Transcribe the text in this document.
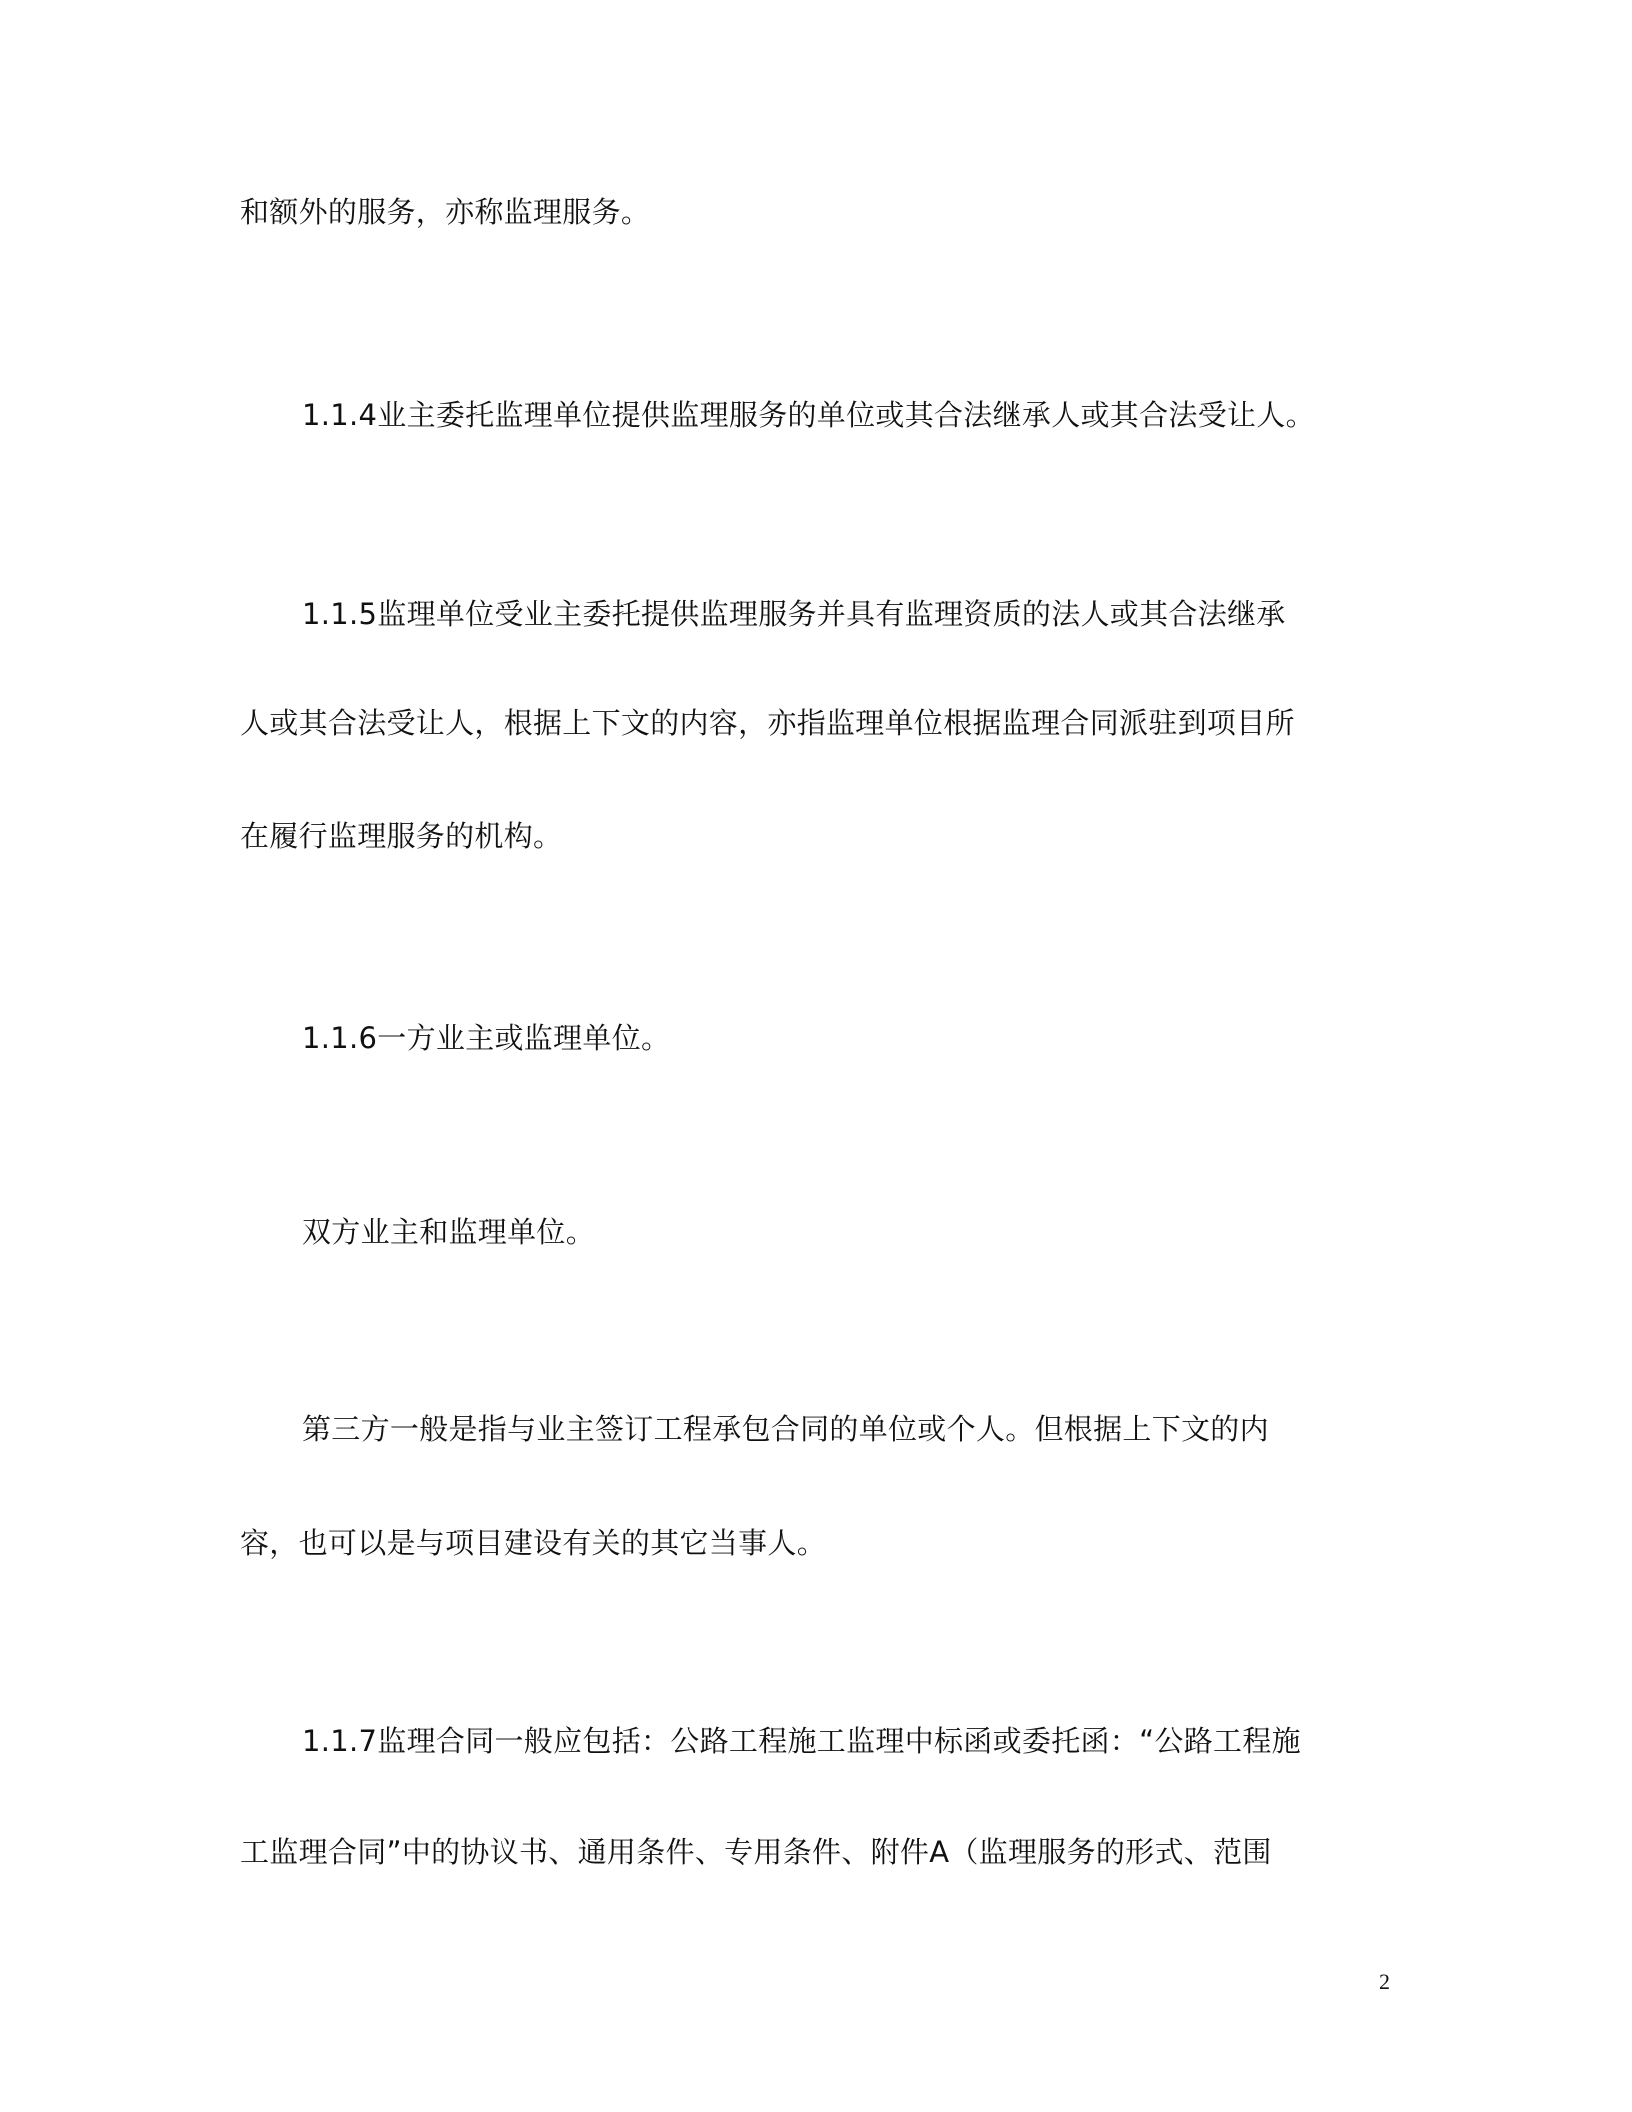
和额外的服务，亦称监理服务。
1.1.4业主委托监理单位提供监理服务的单位或其合法继承人或其合法受让人。
1.1.5监理单位受业主委托提供监理服务并具有监理资质的法人或其合法继承
人或其合法受让人，根据上下文的内容，亦指监理单位根据监理合同派驻到项目所
在履行监理服务的机构。
1.1.6一方业主或监理单位。
双方业主和监理单位。
第三方一般是指与业主签订工程承包合同的单位或个人。但根据上下文的内
容，也可以是与项目建设有关的其它当事人。
1.1.7监理合同一般应包括：公路工程施工监理中标函或委托函：“公路工程施
工监理合同”中的协议书、通用条件、专用条件、附件A（监理服务的形式、范围
2
